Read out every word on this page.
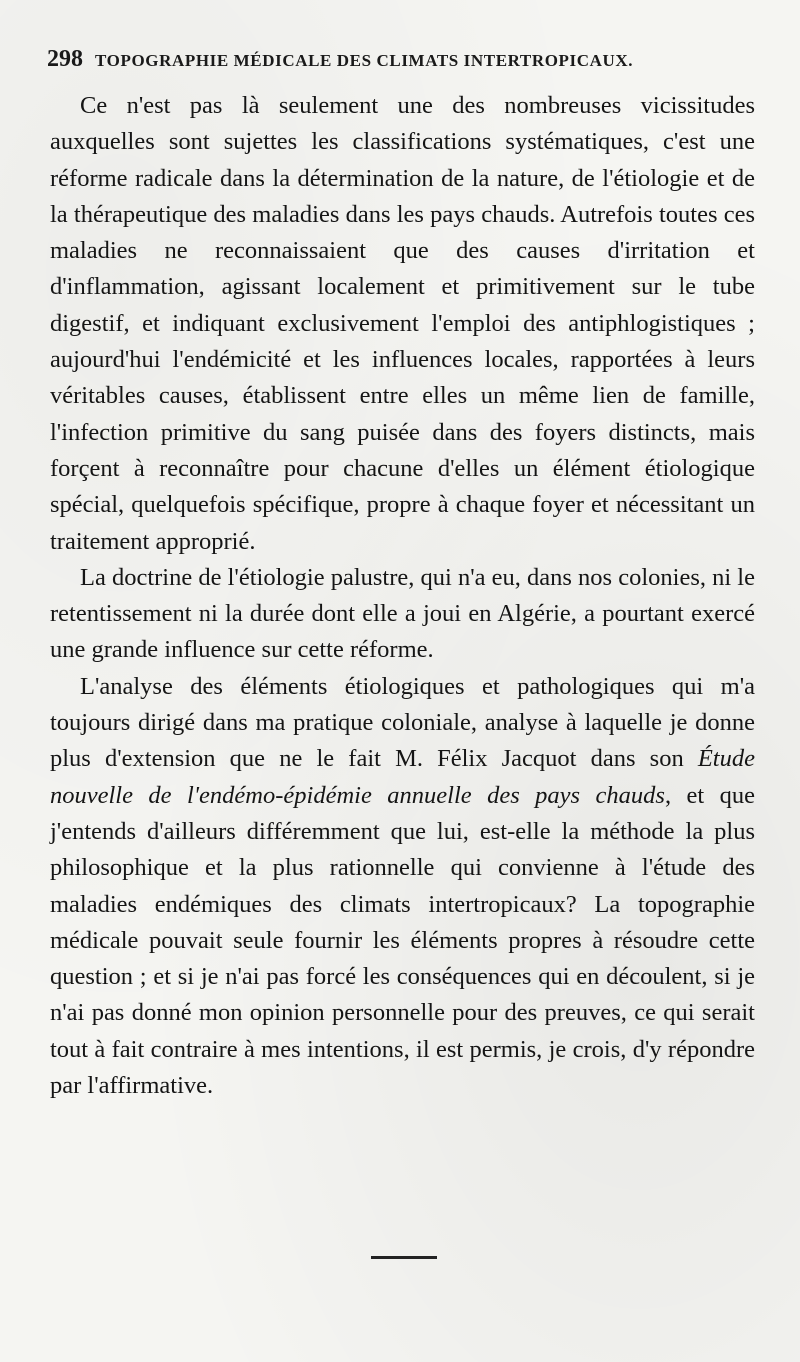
298 TOPOGRAPHIE MÉDICALE DES CLIMATS INTERTROPICAUX.

Ce n'est pas là seulement une des nombreuses vicissitudes auxquelles sont sujettes les classifications systématiques, c'est une réforme radicale dans la détermination de la nature, de l'étiologie et de la thérapeutique des maladies dans les pays chauds. Autrefois toutes ces maladies ne reconnaissaient que des causes d'irritation et d'inflammation, agissant localement et primitivement sur le tube digestif, et indiquant exclusivement l'emploi des antiphlogistiques ; aujourd'hui l'endémicité et les influences locales, rapportées à leurs véritables causes, établissent entre elles un même lien de famille, l'infection primitive du sang puisée dans des foyers distincts, mais forçent à reconnaître pour chacune d'elles un élément étiologique spécial, quelquefois spécifique, propre à chaque foyer et nécessitant un traitement approprié.

La doctrine de l'étiologie palustre, qui n'a eu, dans nos colonies, ni le retentissement ni la durée dont elle a joui en Algérie, a pourtant exercé une grande influence sur cette réforme.

L'analyse des éléments étiologiques et pathologiques qui m'a toujours dirigé dans ma pratique coloniale, analyse à laquelle je donne plus d'extension que ne le fait M. Félix Jacquot dans son Étude nouvelle de l'endémo-épidémie annuelle des pays chauds, et que j'entends d'ailleurs différemment que lui, est-elle la méthode la plus philosophique et la plus rationnelle qui convienne à l'étude des maladies endémiques des climats intertropicaux? La topographie médicale pouvait seule fournir les éléments propres à résoudre cette question ; et si je n'ai pas forcé les conséquences qui en découlent, si je n'ai pas donné mon opinion personnelle pour des preuves, ce qui serait tout à fait contraire à mes intentions, il est permis, je crois, d'y répondre par l'affirmative.
